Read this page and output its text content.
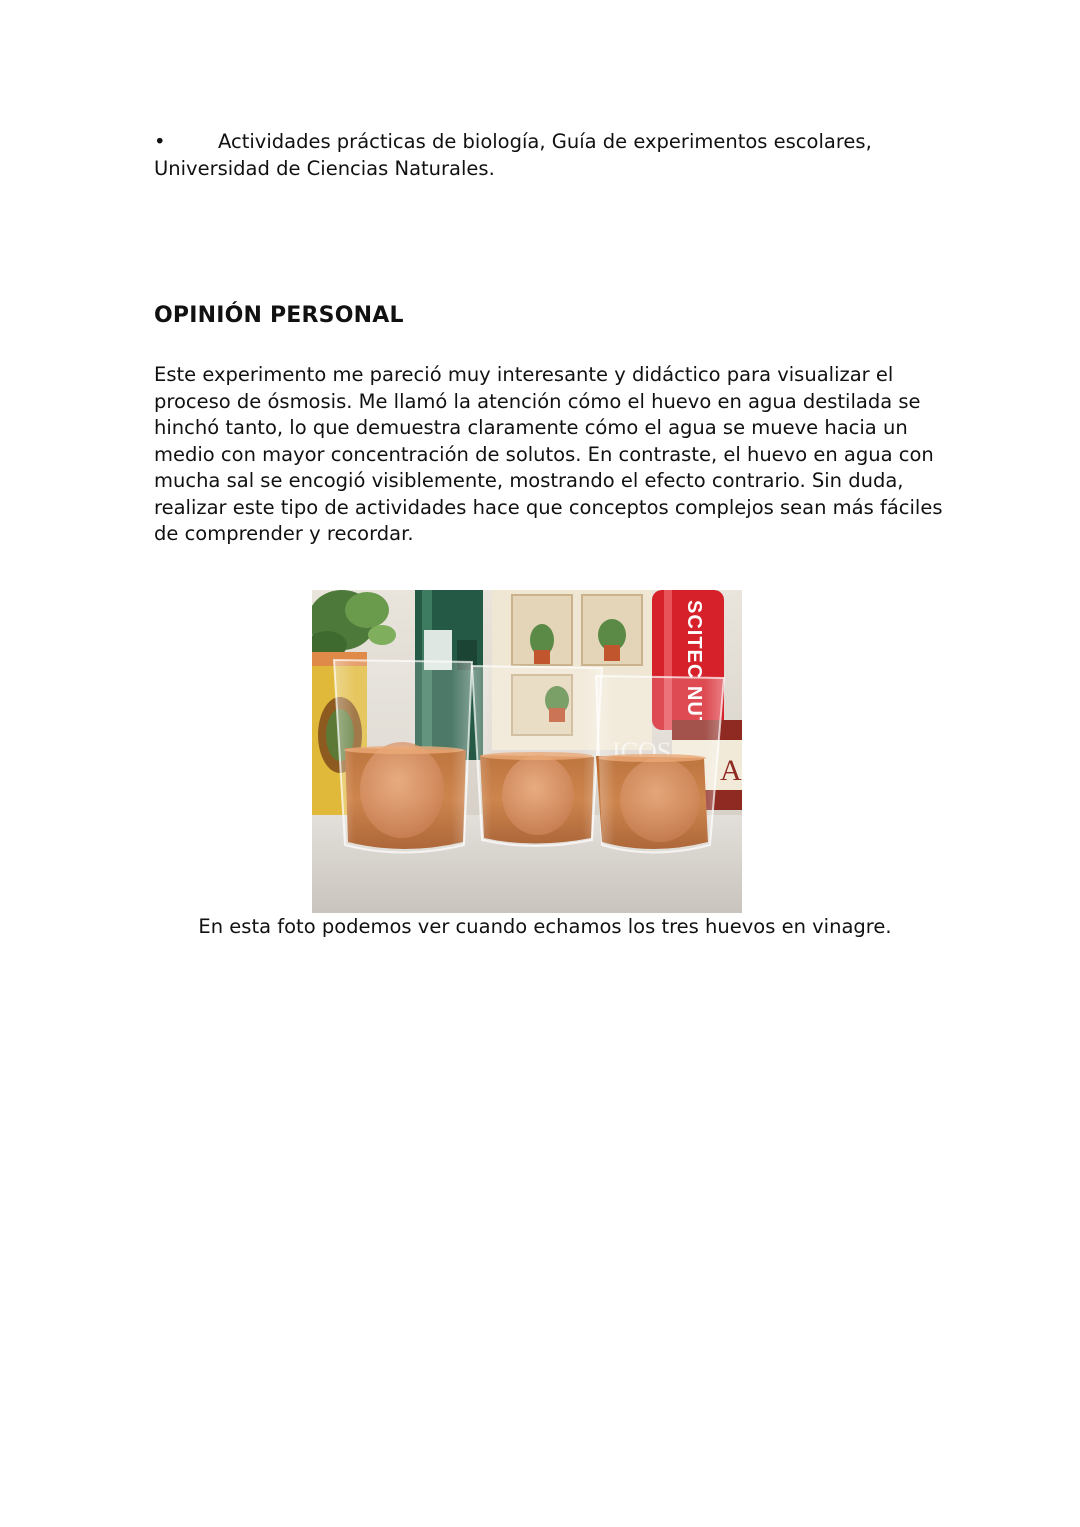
•	Actividades prácticas de biología, Guía de experimentos escolares,
Universidad de Ciencias Naturales.
OPINIÓN PERSONAL

Este experimento me pareció muy interesante y didáctico para visualizar el
proceso de ósmosis. Me llamó la atención cómo el huevo en agua destilada se
hinchó tanto, lo que demuestra claramente cómo el agua se mueve hacia un
medio con mayor concentración de solutos. En contraste, el huevo en agua con
mucha sal se encogió visiblemente, mostrando el efecto contrario. Sin duda,
realizar este tipo de actividades hace que conceptos complejos sean más fáciles
de comprender y recordar.

A

En esta foto podemos ver cuando echamos los tres huevos en vinagre.
